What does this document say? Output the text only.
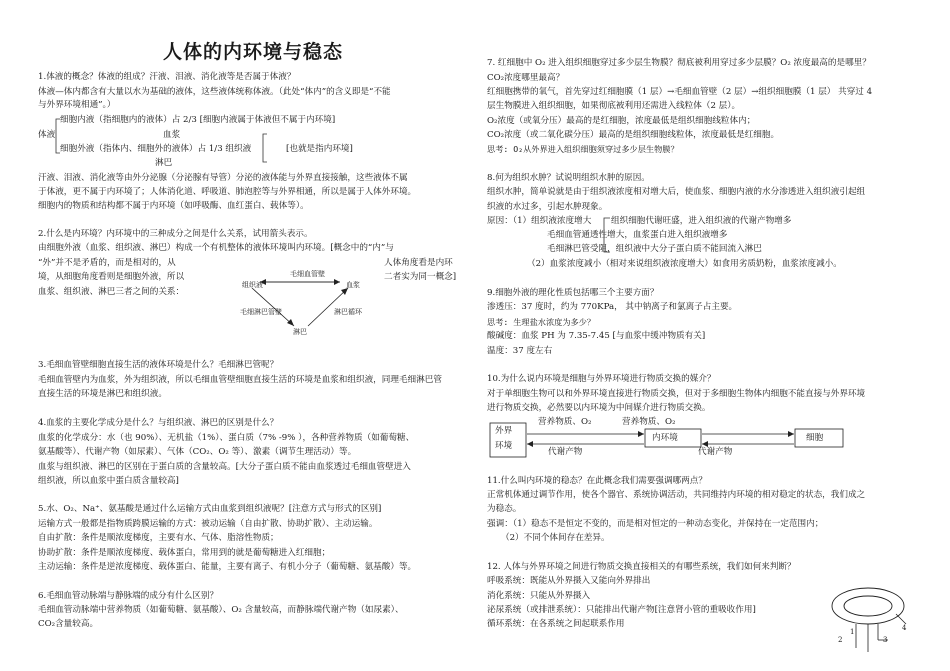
人体的内环境与稳态
1.体液的概念？体液的组成？汗液、泪液、消化液等是否属于体液？
体液—体内都含有大量以水为基础的液体，这些液体统称体液。（此处“体内”的含义即是“不能
与外界环境相通”。）
细胞内液（指细胞内的液体）占 2/3 [细胞内液属于体液但不属于内环境]
体液	血浆
细胞外液（指体内、细胞外的液体）占 1/3 组织液	[也就是指内环境]
淋巴
汗液、泪液、消化液等由外分泌腺（分泌腺有导管）分泌的液体能与外界直接接触，这些液体不属
于体液，更不属于内环境了；人体消化道、呼吸道、肺泡腔等与外界相通，所以是属于人体外环境。
细胞内的物质和结构都不属于内环境（如呼吸酶、血红蛋白、载体等）。
2.什么是内环境？内环境中的三种成分之间是什么关系，试用箭头表示。
由细胞外液（血浆、组织液、淋巴）构成一个有机整体的液体环境叫内环境。[概念中的“内”与
“外”并不是矛盾的，而是相对的，从	人体角度看是内环
境，从细胞角度看则是细胞外液，所以	二者实为同一概念]
血浆、组织液、淋巴三者之间的关系：
毛细血管壁
组织液	血浆
毛细淋巴管壁	淋巴循环
淋巴
3.毛细血管壁细胞直接生活的液体环境是什么？毛细淋巴管呢？
毛细血管壁内为血浆，外为组织液，所以毛细血管壁细胞直接生活的环境是血浆和组织液，同理毛细淋巴管
直接生活的环境是淋巴和组织液。
4.血浆的主要化学成分是什么？与组织液、淋巴的区别是什么？
血浆的化学成分：水（也 90%）、无机盐（1%）、蛋白质（7% -9% ），各种营养物质（如葡萄糖、
氨基酸等）、代谢产物（如尿素）、气体（CO₂、O₂ 等）、激素（调节生理活动）等。
血浆与组织液、淋巴的区别在于蛋白质的含量较高。[大分子蛋白质不能由血浆透过毛细血管壁进入
组织液，所以血浆中蛋白质含量较高]
5.水、O₂、Na⁺、氨基酸是通过什么运输方式由血浆到组织液呢？[注意方式与形式的区别]
运输方式一般都是指物质跨膜运输的方式：被动运输（自由扩散、协助扩散）、主动运输。
自由扩散：条件是顺浓度梯度，主要有水、气体、脂溶性物质；
协助扩散：条件是顺浓度梯度、载体蛋白，常用到的就是葡萄糖进入红细胞；
主动运输：条件是逆浓度梯度、载体蛋白、能量，主要有离子、有机小分子（葡萄糖、氨基酸）等。
6.毛细血管动脉端与静脉端的成分有什么区别？
毛细血管动脉端中营养物质（如葡萄糖、氨基酸）、O₂ 含量较高，而静脉端代谢产物（如尿素）、
CO₂含量较高。
7. 红细胞中 O₂ 进入组织细胞穿过多少层生物膜？彻底被利用穿过多少层膜？O₂ 浓度最高的是哪里？
CO₂浓度哪里最高？
红细胞携带的氧气，首先穿过红细胞膜（1 层）→毛细血管壁（2 层）→组织细胞膜（1 层） 共穿过 4
层生物膜进入组织细胞，如果彻底被利用还需进入线粒体（2 层）。
O₂浓度（或氧分压）最高的是红细胞，浓度最低是组织细胞线粒体内；
CO₂浓度（或二氧化碳分压）最高的是组织细胞线粒体，浓度最低是红细胞。
思考: O₂从外界进入组织细胞须穿过多少层生物膜？
8.何为组织水肿？试说明组织水肿的原因。
组织水肿，简单说就是由于组织液浓度相对增大后，使血浆、细胞内液的水分渗透进入组织液引起组
织液的水过多，引起水肿现象。
原因：（1）组织液浓度增大 组织细胞代谢旺盛，进入组织液的代谢产物增多
毛细血管通透性增大，血浆蛋白进入组织液增多
毛细淋巴管受阻，组织液中大分子蛋白质不能回流入淋巴
（2）血浆浓度减小（相对来说组织液浓度增大）如食用劣质奶粉，血浆浓度减小。
9.细胞外液的理化性质包括哪三个主要方面？
渗透压：37 度时，约为 770KPa， 其中钠离子和氯离子占主要。
思考: 生理盐水浓度为多少？
酸碱度：血浆 PH 为 7.35-7.45 [与血浆中缓冲物质有关]
温度：37 度左右
10.为什么说内环境是细胞与外界环境进行物质交换的媒介？
对于单细胞生物可以和外界环境直接进行物质交换，但对于多细胞生物体内细胞不能直接与外界环境
进行物质交换，必然要以内环境为中间媒介进行物质交换。
营养物质、O₂	营养物质、O₂
外界
环境
内环境	细胞
代谢产物	代谢产物
11.什么叫内环境的稳态？在此概念我们需要强调哪两点？
正常机体通过调节作用，使各个器官、系统协调活动，共同维持内环境的相对稳定的状态，我们成之
为稳态。
强调：（1）稳态不是恒定不变的，而是相对恒定的一种动态变化，并保持在一定范围内；
（2）不同个体间存在差异。
12. 人体与外界环境之间进行物质交换直接相关的有哪些系统，我们如何来判断？
呼吸系统：既能从外界摄入又能向外界排出
消化系统：只能从外界摄入
泌尿系统（或排泄系统）：只能排出代谢产物[注意肾小管的重吸收作用]
循环系统：在各系统之间起联系作用
1
2	3
4
